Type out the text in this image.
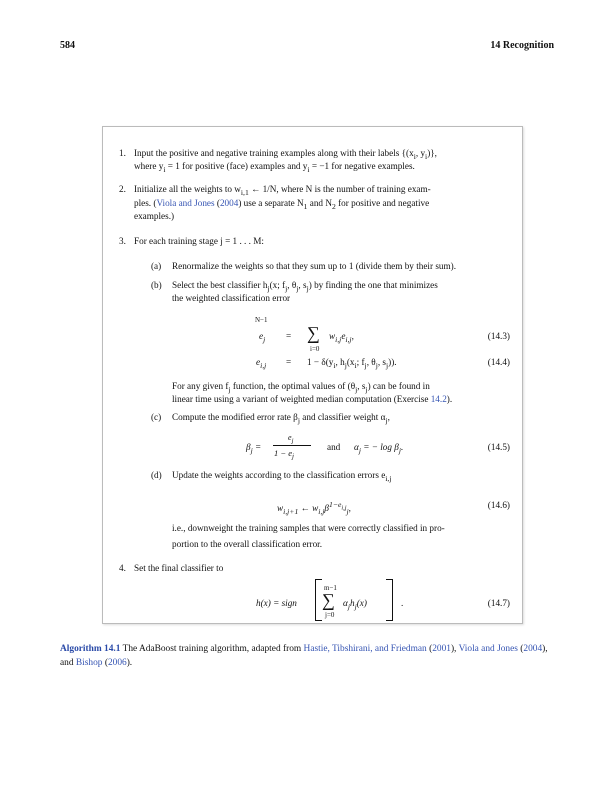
584	14 Recognition
1. Input the positive and negative training examples along with their labels {($x_i$, $y_i$)},
where $y_i = 1$ for positive (face) examples and $y_i = -1$ for negative examples.
2. Initialize all the weights to $w_{i,1}$ ← 1/N, where N is the number of training exam-
ples. (Viola and Jones (2004) use a separate $N_1$ and $N_2$ for positive and negative
examples.)
3. For each training stage j = 1 . . . M:
(a) Renormalize the weights so that they sum up to 1 (divide them by their sum).
(b) Select the best classifier $h_j(x$; $f_j$, $\theta_j$, $s_j$) by finding the one that minimizes
the weighted classification error
N−1
$e_j$ = ∑ $w_{i,j}e_{i,j}$,
i=0
(14.3)
$e_{i,j} = 1 - \delta(y_i$, $h_j(x_i$; $f_j$, $\theta_j$, $s_j$)).	(14.4)
For any given $f_j$ function, the optimal values of ($\theta_j$, $s_j$) can be found in
linear time using a variant of weighted median computation (Exercise 14.2).
(c) Compute the modified error rate $\beta_j$ and classifier weight $\alpha_j$,
$\beta_j$ =
$e_j$
$1 - e_j$
and $\alpha_j$ = − $\log \beta_j$.	(14.5)
(d) Update the weights according to the classification errors $e_{i,j}$
$w_{i,j+1}$ ← $w_{i,j}\beta^{1-e_{i,j}}_j$,	(14.6)
i.e., downweight the training samples that were correctly classified in pro-
portion to the overall classification error.
4. Set the final classifier to
h(x) = sign
m−1
∑ $\alpha_jh_j(x)$
j=0
.	(14.7)
Algorithm 14.1 The AdaBoost training algorithm, adapted from Hastie, Tibshirani, and Friedman (2001), Viola and Jones (2004), and Bishop (2006).
